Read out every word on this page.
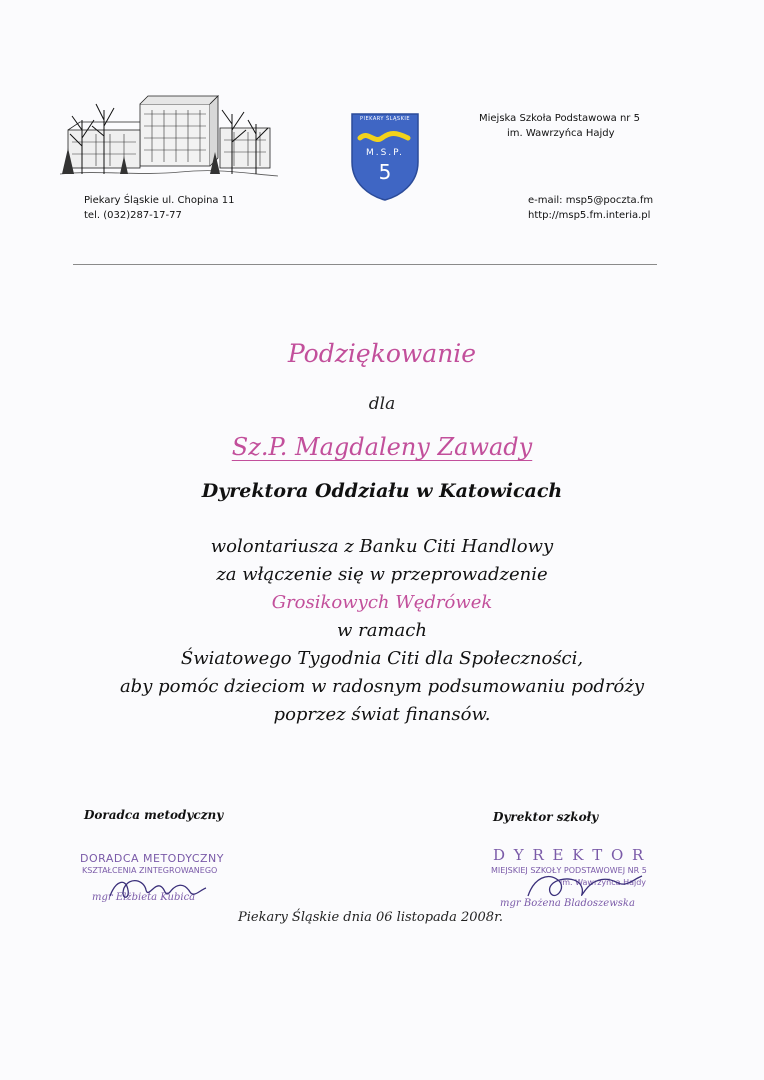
PIEKARY ŚLĄSKIE
M.S.P.
5
Piekary Śląskie ul. Chopina 11
tel. (032)287-17-77
Miejska Szkoła Podstawowa nr 5
im. Wawrzyńca Hajdy
e-mail: msp5@poczta.fm
http://msp5.fm.interia.pl
Podziękowanie
dla
Sz.P. Magdaleny Zawady
Dyrektora Oddziału w Katowicach
wolontariusza z Banku Citi Handlowy
za włączenie się w przeprowadzenie
Grosikowych Wędrówek
w ramach
Światowego Tygodnia Citi dla Społeczności,
aby pomóc dzieciom w radosnym podsumowaniu podróży
poprzez świat finansów.
Doradca metodyczny	Dyrektor szkoły
DORADCA METODYCZNY
KSZTAŁCENIA ZINTEGROWANEGO
mgr Elżbieta Kubica
D Y R E K T O R
MIEJSKIEJ SZKOŁY PODSTAWOWEJ NR 5
im. Wawrzyńca Hajdy
mgr Bożena Bladoszewska
Piekary Śląskie dnia 06 listopada 2008r.
